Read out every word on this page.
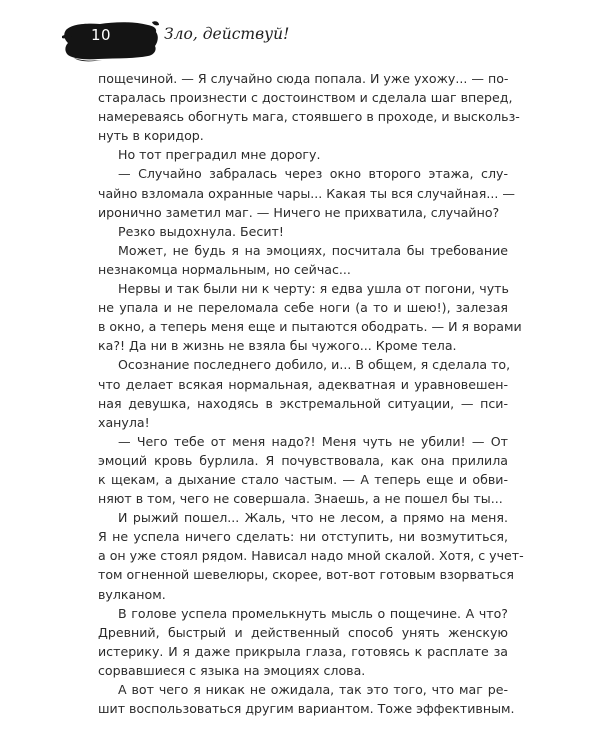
10	Зло, действуй!
пощечиной. — Я случайно сюда попала. И уже ухожу... — по-
старалась произнести с достоинством и сделала шаг вперед,
намереваясь обогнуть мага, стоявшего в проходе, и выскольз-
нуть в коридор.
Но тот преградил мне дорогу.
— Случайно забралась через окно второго этажа, слу-
чайно взломала охранные чары... Какая ты вся случайная... —
иронично заметил маг. — Ничего не прихватила, случайно?
Резко выдохнула. Бесит!
Может, не будь я на эмоциях, посчитала бы требование
незнакомца нормальным, но сейчас...
Нервы и так были ни к черту: я едва ушла от погони, чуть
не упала и не переломала себе ноги (а то и шею!), залезая
в окно, а теперь меня еще и пытаются ободрать. — И я ворами
ка?! Да ни в жизнь не взяла бы чужого... Кроме тела.
Осознание последнего добило, и... В общем, я сделала то,
что делает всякая нормальная, адекватная и уравновешен-
ная девушка, находясь в экстремальной ситуации, — пси-
ханула!
— Чего тебе от меня надо?! Меня чуть не убили! — От
эмоций кровь бурлила. Я почувствовала, как она прилила
к щекам, а дыхание стало частым. — А теперь еще и обви-
няют в том, чего не совершала. Знаешь, а не пошел бы ты...
И рыжий пошел... Жаль, что не лесом, а прямо на меня.
Я не успела ничего сделать: ни отступить, ни возмутиться,
а он уже стоял рядом. Нависал надо мной скалой. Хотя, с учет-
том огненной шевелюры, скорее, вот-вот готовым взорваться
вулканом.
В голове успела промелькнуть мысль о пощечине. А что?
Древний, быстрый и действенный способ унять женскую
истерику. И я даже прикрыла глаза, готовясь к расплате за
сорвавшиеся с языка на эмоциях слова.
А вот чего я никак не ожидала, так это того, что маг ре-
шит воспользоваться другим вариантом. Тоже эффективным.
